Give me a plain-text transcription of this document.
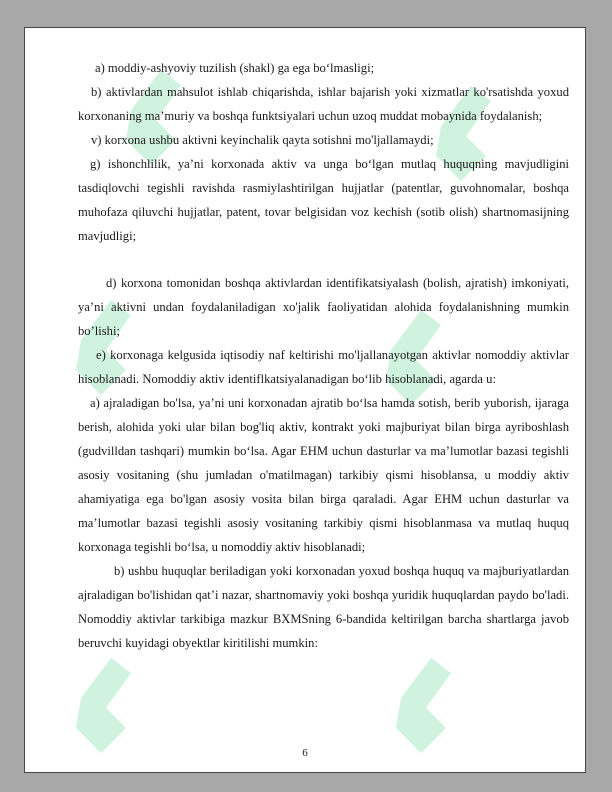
a) moddiy-ashyoviy tuzilish (shakl) ga ega boʻlmasligi;

b) aktivlardan mahsulot ishlab chiqarishda, ishlar bajarish yoki xizmatlar ko'rsatishda yoxud korxonaning ma’muriy va boshqa funktsiyalari uchun uzoq muddat mobaynida foydalanish;

v) korxona ushbu aktivni keyinchalik qayta sotishni mo'ljallamaydi;

g) ishonchlilik, ya’ni korxonada aktiv va unga boʻlgan mutlaq huquqning mavjudligini tasdiqlovchi tegishli ravishda rasmiylashtirilgan hujjatlar (patentlar, guvohnomalar, boshqa muhofaza qiluvchi hujjatlar, patent, tovar belgisidan voz kechish (sotib olish) shartnomasijning mavjudligi;

d) korxona tomonidan boshqa aktivlardan identifikatsiyalash (bolish, ajratish) imkoniyati, ya’ni aktivni undan foydalaniladigan xo'jalik faoliyatidan alohida foydalanishning mumkin bo’lishi;

e) korxonaga kelgusida iqtisodiy naf keltirishi mo'ljallanayotgan aktivlar nomoddiy aktivlar hisoblanadi. Nomoddiy aktiv identiflkatsiyalanadigan boʻlib hisoblanadi, agarda u:

a) ajraladigan bo'lsa, ya’ni uni korxonadan ajratib boʻlsa hamda sotish, berib yuborish, ijaraga berish, alohida yoki ular bilan bog'liq aktiv, kontrakt yoki majburiyat bilan birga ayriboshlash (gudvilldan tashqari) mumkin boʻlsa. Agar EHM uchun dasturlar va ma’lumotlar bazasi tegishli asosiy vositaning (shu jumladan o'matilmagan) tarkibiy qismi hisoblansa, u moddiy aktiv ahamiyatiga ega bo'lgan asosiy vosita bilan birga qaraladi. Agar EHM uchun dasturlar va ma’lumotlar bazasi tegishli asosiy vositaning tarkibiy qismi hisoblanmasa va mutlaq huquq korxonaga tegishli boʻlsa, u nomoddiy aktiv hisoblanadi;

b) ushbu huquqlar beriladigan yoki korxonadan yoxud boshqa huquq va majburiyatlardan ajraladigan bo'lishidan qat’i nazar, shartnomaviy yoki boshqa yuridik huquqlardan paydo bo'ladi. Nomoddiy aktivlar tarkibiga mazkur BXMSning 6-bandida keltirilgan barcha shartlarga javob beruvchi kuyidagi obyektlar kiritilishi mumkin:

6
